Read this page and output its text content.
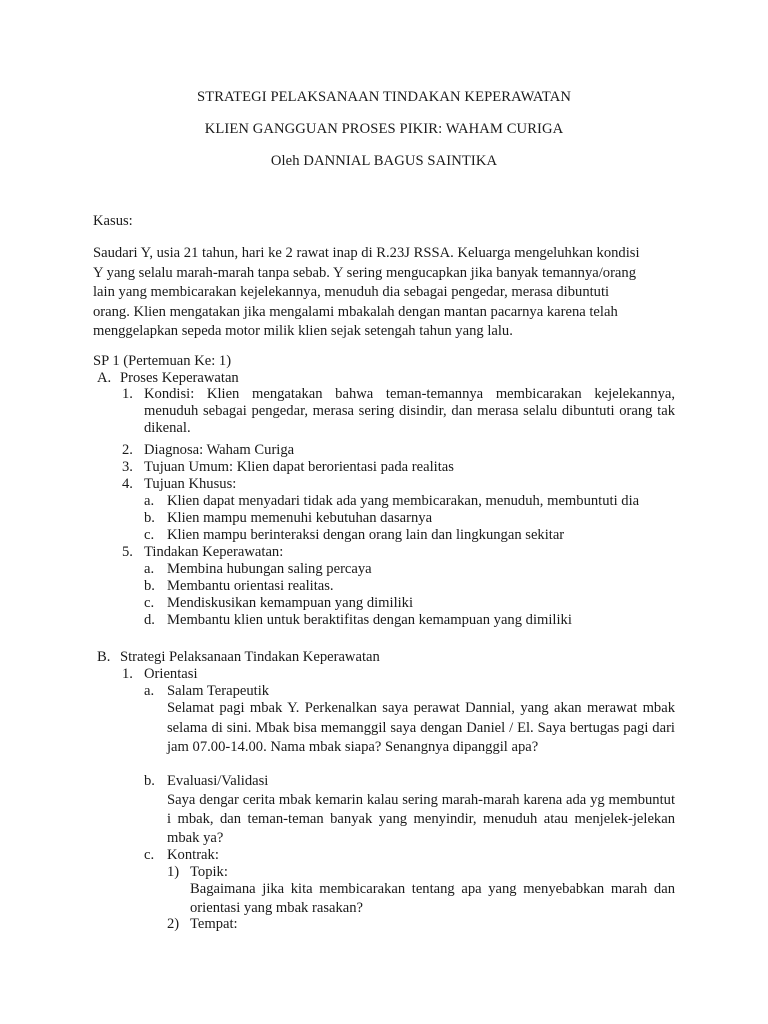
STRATEGI PELAKSANAAN TINDAKAN KEPERAWATAN
KLIEN GANGGUAN PROSES PIKIR: WAHAM CURIGA
Oleh DANNIAL BAGUS SAINTIKA
Kasus:
Saudari Y, usia 21 tahun, hari ke 2 rawat inap di R.23J RSSA. Keluarga mengeluhkan kondisi
Y yang selalu marah-marah tanpa sebab. Y sering mengucapkan jika banyak temannya/orang
lain yang membicarakan kejelekannya, menuduh dia sebagai pengedar, merasa dibuntuti
orang. Klien mengatakan jika mengalami mbakalah dengan mantan pacarnya karena telah
menggelapkan sepeda motor milik klien sejak setengah tahun yang lalu.
SP 1 (Pertemuan Ke: 1)
A. Proses Keperawatan
1. Kondisi: Klien mengatakan bahwa teman-temannya membicarakan kejelekannya, menuduh sebagai pengedar, merasa sering disindir, dan merasa selalu dibuntuti orang tak dikenal.
2. Diagnosa: Waham Curiga
3. Tujuan Umum: Klien dapat berorientasi pada realitas
4. Tujuan Khusus:
a. Klien dapat menyadari tidak ada yang membicarakan, menuduh, membuntuti dia
b. Klien mampu memenuhi kebutuhan dasarnya
c. Klien mampu berinteraksi dengan orang lain dan lingkungan sekitar
5. Tindakan Keperawatan:
a. Membina hubungan saling percaya
b. Membantu orientasi realitas.
c. Mendiskusikan kemampuan yang dimiliki
d. Membantu klien untuk beraktifitas dengan kemampuan yang dimiliki
B. Strategi Pelaksanaan Tindakan Keperawatan
1. Orientasi
a. Salam Terapeutik
Selamat pagi mbak Y. Perkenalkan saya perawat Dannial, yang akan merawat mbak selama di sini. Mbak bisa memanggil saya dengan Daniel / El. Saya bertugas pagi dari jam 07.00-14.00. Nama mbak siapa? Senangnya dipanggil apa?
b. Evaluasi/Validasi
Saya dengar cerita mbak kemarin kalau sering marah-marah karena ada yg membuntut i mbak, dan teman-teman banyak yang menyindir, menuduh atau menjelek-jelekan mbak ya?
c. Kontrak:
1) Topik:
Bagaimana jika kita membicarakan tentang apa yang menyebabkan marah dan orientasi yang mbak rasakan?
2) Tempat:
